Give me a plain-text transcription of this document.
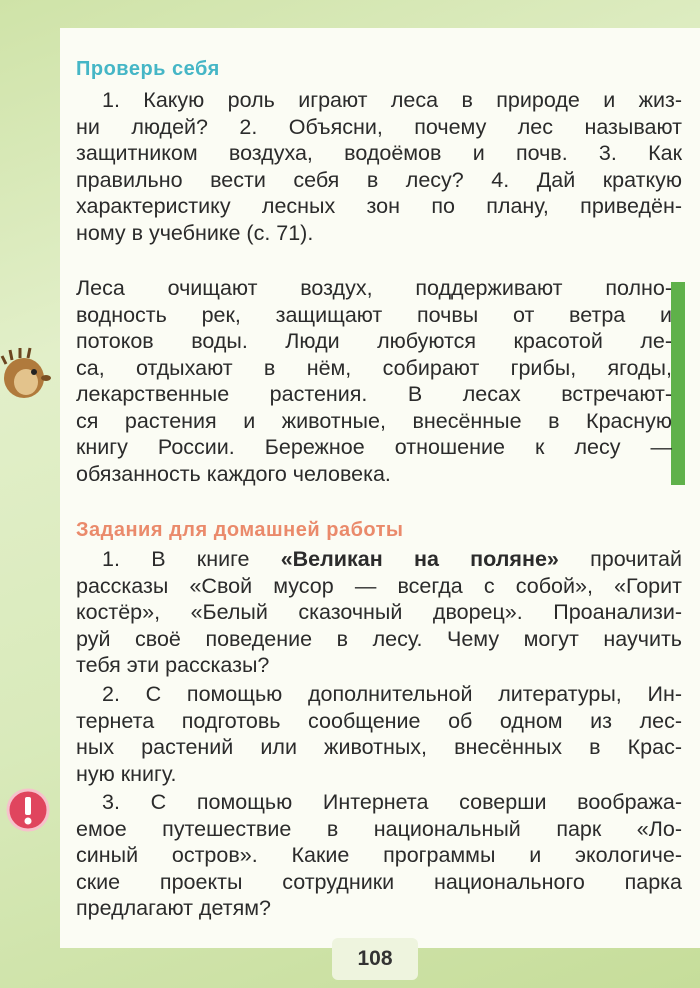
Проверь себя
1. Какую роль играют леса в природе и жиз-
ни людей? 2. Объясни, почему лес называют
защитником воздуха, водоёмов и почв. 3. Как
правильно вести себя в лесу? 4. Дай краткую
характеристику лесных зон по плану, приведён-
ному в учебнике (с. 71).
Леса очищают воздух, поддерживают полно-
водность рек, защищают почвы от ветра и
потоков воды. Люди любуются красотой ле-
са, отдыхают в нём, собирают грибы, ягоды,
лекарственные растения. В лесах встречают-
ся растения и животные, внесённые в Красную
книгу России. Бережное отношение к лесу —
обязанность каждого человека.
Задания для домашней работы
1. В книге «Великан на поляне» прочитай
рассказы «Свой мусор — всегда с собой», «Горит
костёр», «Белый сказочный дворец». Проанализи-
руй своё поведение в лесу. Чему могут научить
тебя эти рассказы?
2. С помощью дополнительной литературы, Ин-
тернета подготовь сообщение об одном из лес-
ных растений или животных, внесённых в Крас-
ную книгу.
3. С помощью Интернета соверши вообража-
емое путешествие в национальный парк «Ло-
синый остров». Какие программы и экологиче-
ские проекты сотрудники национального парка
предлагают детям?
108
